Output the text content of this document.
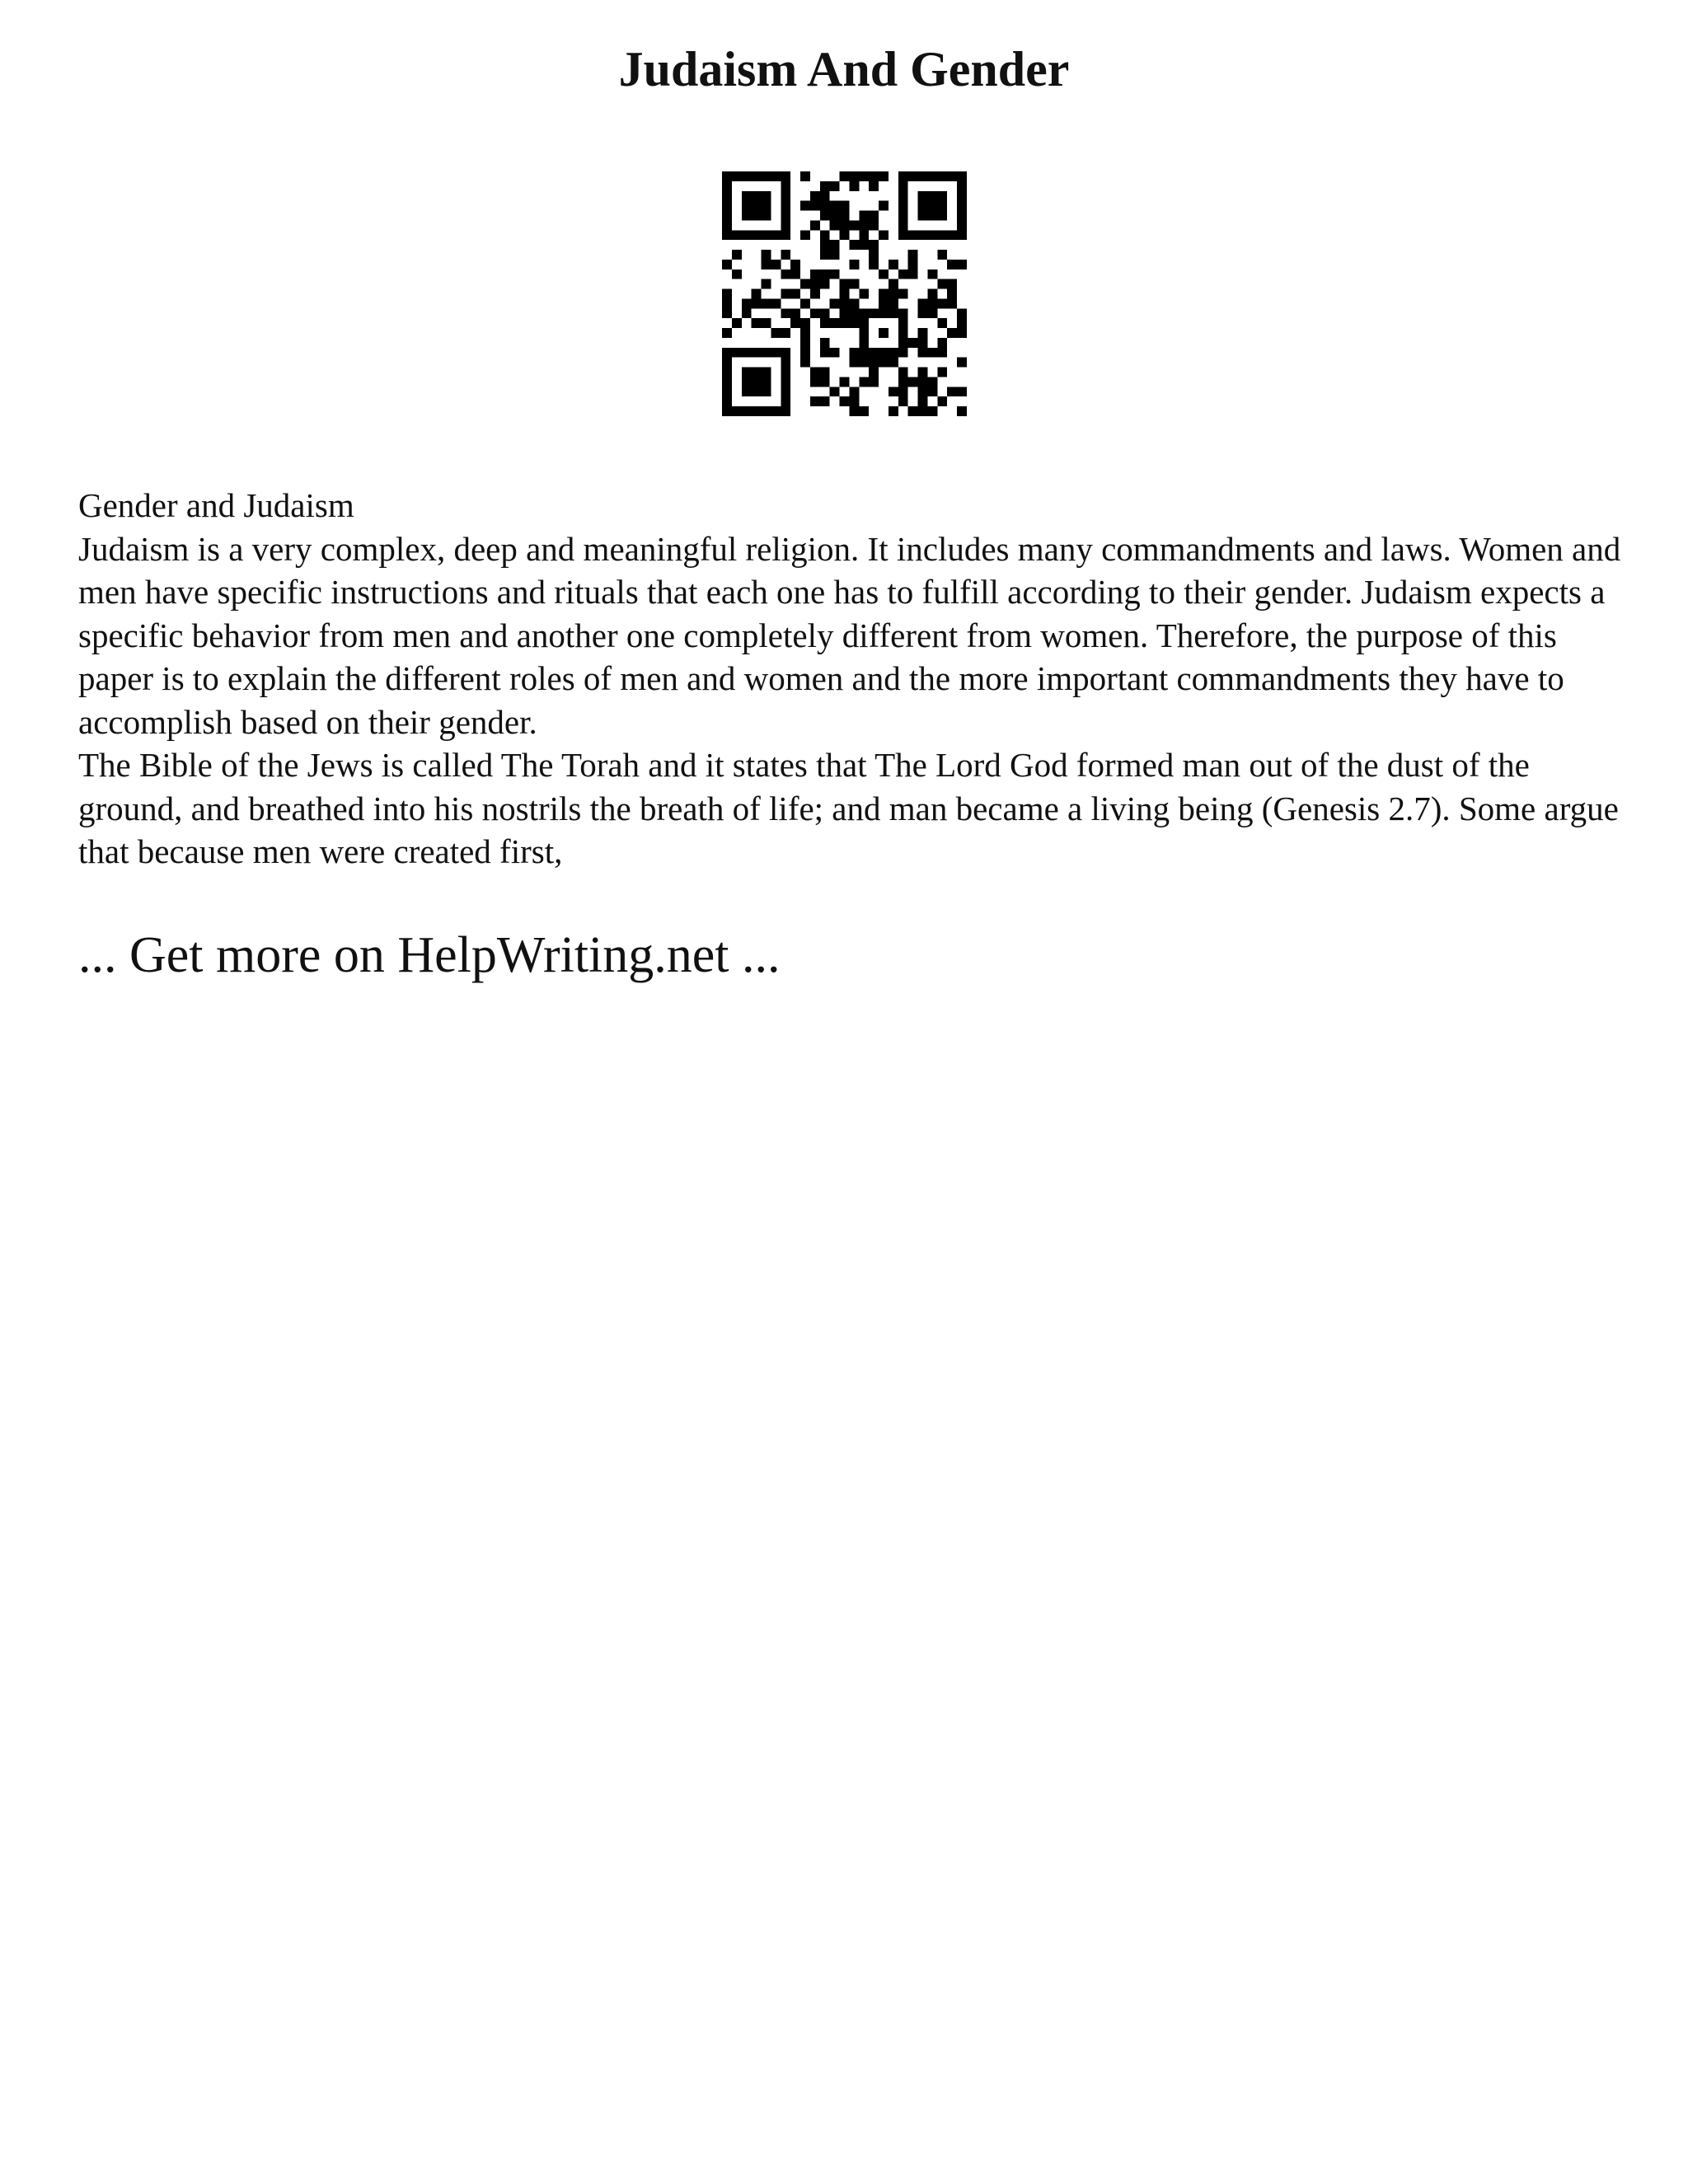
Judaism And Gender

Gender and Judaism

Judaism is a very complex, deep and meaningful religion. It includes many commandments and laws. Women and men have specific instructions and rituals that each one has to fulfill according to their gender. Judaism expects a specific behavior from men and another one completely different from women. Therefore, the purpose of this paper is to explain the different roles of men and women and the more important commandments they have to accomplish based on their gender.

The Bible of the Jews is called The Torah and it states that The Lord God formed man out of the dust of the ground, and breathed into his nostrils the breath of life; and man became a living being (Genesis 2.7). Some argue that because men were created first,

... Get more on HelpWriting.net ...
